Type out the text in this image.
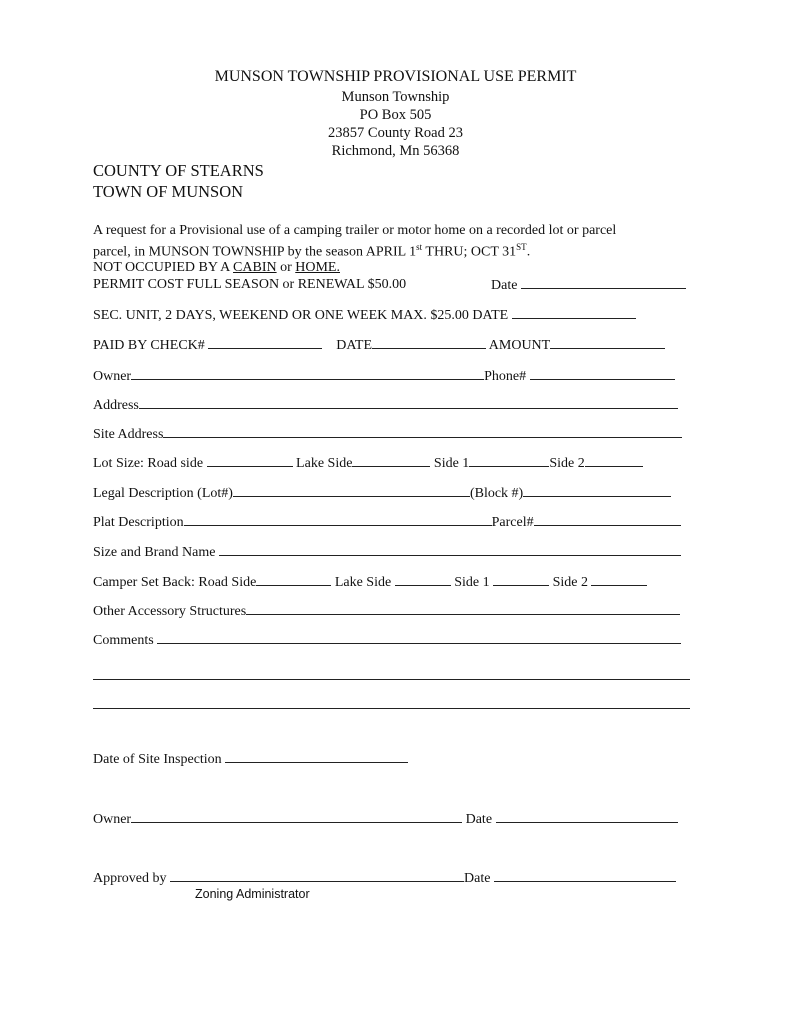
MUNSON TOWNSHIP PROVISIONAL USE PERMIT
Munson Township
PO Box 505
23857 County Road 23
Richmond, Mn 56368
COUNTY OF STEARNS
TOWN OF MUNSON
A request for a Provisional use of a camping trailer or motor home on a recorded lot or parcel
parcel, in MUNSON TOWNSHIP by the season APRIL 1st THRU; OCT 31ST.
NOT OCCUPIED BY A CABIN or HOME.
PERMIT COST FULL SEASON or RENEWAL $50.00	Date
SEC. UNIT, 2 DAYS, WEEKEND OR ONE WEEK MAX. $25.00 DATE
PAID BY CHECK#	DATE	AMOUNT
Owner	Phone#
Address
Site Address
Lot Size: Road side	Lake Side	Side 1	Side 2
Legal Description (Lot#)	(Block #)
Plat Description	Parcel#
Size and Brand Name
Camper Set Back: Road Side	Lake Side	Side 1	Side 2
Other Accessory Structures
Comments
Date of Site Inspection
Owner	Date
Approved by	Date
Zoning Administrator
